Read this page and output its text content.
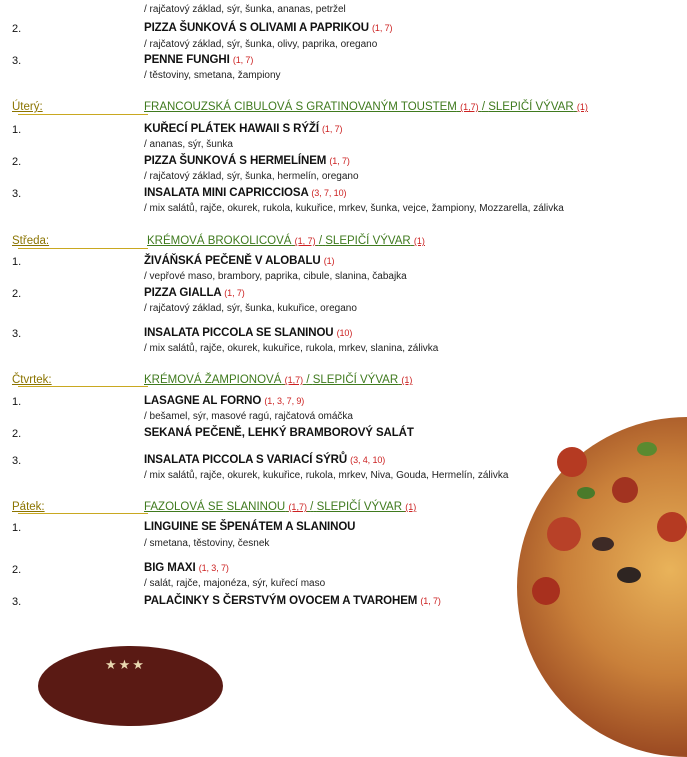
/ rajčatový základ, sýr, šunka, ananas, petržel
2.	PIZZA ŠUNKOVÁ S OLIVAMI A PAPRIKOU (1, 7)
/ rajčatový základ, sýr, šunka, olivy, paprika, oregano
3.	PENNE FUNGHI (1, 7)
/ těstoviny, smetana, žampiony
Úterý:	FRANCOUZSKÁ CIBULOVÁ S GRATINOVANÝM TOUSTEM (1,7) / SLEPIČÍ VÝVAR (1)
1.	KUŘECÍ PLÁTEK HAWAII S RÝŽÍ (1, 7)
/ ananas, sýr, šunka
2.	PIZZA ŠUNKOVÁ S HERMELÍNEM (1, 7)
/ rajčatový základ, sýr, šunka, hermelín, oregano
3.	INSALATA MINI CAPRICCIOSA (3, 7, 10)
/ mix salátů, rajče, okurek, rukola, kukuřice, mrkev, šunka, vejce, žampiony, Mozzarella, zálivka
Středa:	KRÉMOVÁ BROKOLICOVÁ (1, 7) / SLEPIČÍ VÝVAR (1)
1.	ŽIVÁŇSKÁ PEČENĚ V ALOBALU (1)
/ vepřové maso, brambory, paprika, cibule, slanina, čabajka
2.	PIZZA GIALLA (1, 7)
/ rajčatový základ, sýr, šunka, kukuřice, oregano
3.	INSALATA PICCOLA SE SLANINOU (10)
/ mix salátů, rajče, okurek, kukuřice, rukola, mrkev, slanina, zálivka
Čtvrtek:	KRÉMOVÁ ŽAMPIONOVÁ (1,7) / SLEPIČÍ VÝVAR (1)
1.	LASAGNE AL FORNO (1, 3, 7, 9)
/ bešamel, sýr, masové ragú, rajčatová omáčka
2.	SEKANÁ PEČENĚ, LEHKÝ BRAMBOROVÝ SALÁT
3.	INSALATA PICCOLA S VARIACÍ SÝRŮ (3, 4, 10)
/ mix salátů, rajče, okurek, kukuřice, rukola, mrkev, Niva, Gouda, Hermelín, zálivka
Pátek:	FAZOLOVÁ SE SLANINOU (1,7) / SLEPIČÍ VÝVAR (1)
1.	LINGUINE SE ŠPENÁTEM A SLANINOU
/ smetana, těstoviny, česnek
2.	BIG MAXI (1, 3, 7)
/ salát, rajče, majonéza, sýr, kuřecí maso
3.	PALAČINKY S ČERSTVÝM OVOCEM A TVAROHEM (1, 7)
★★★
